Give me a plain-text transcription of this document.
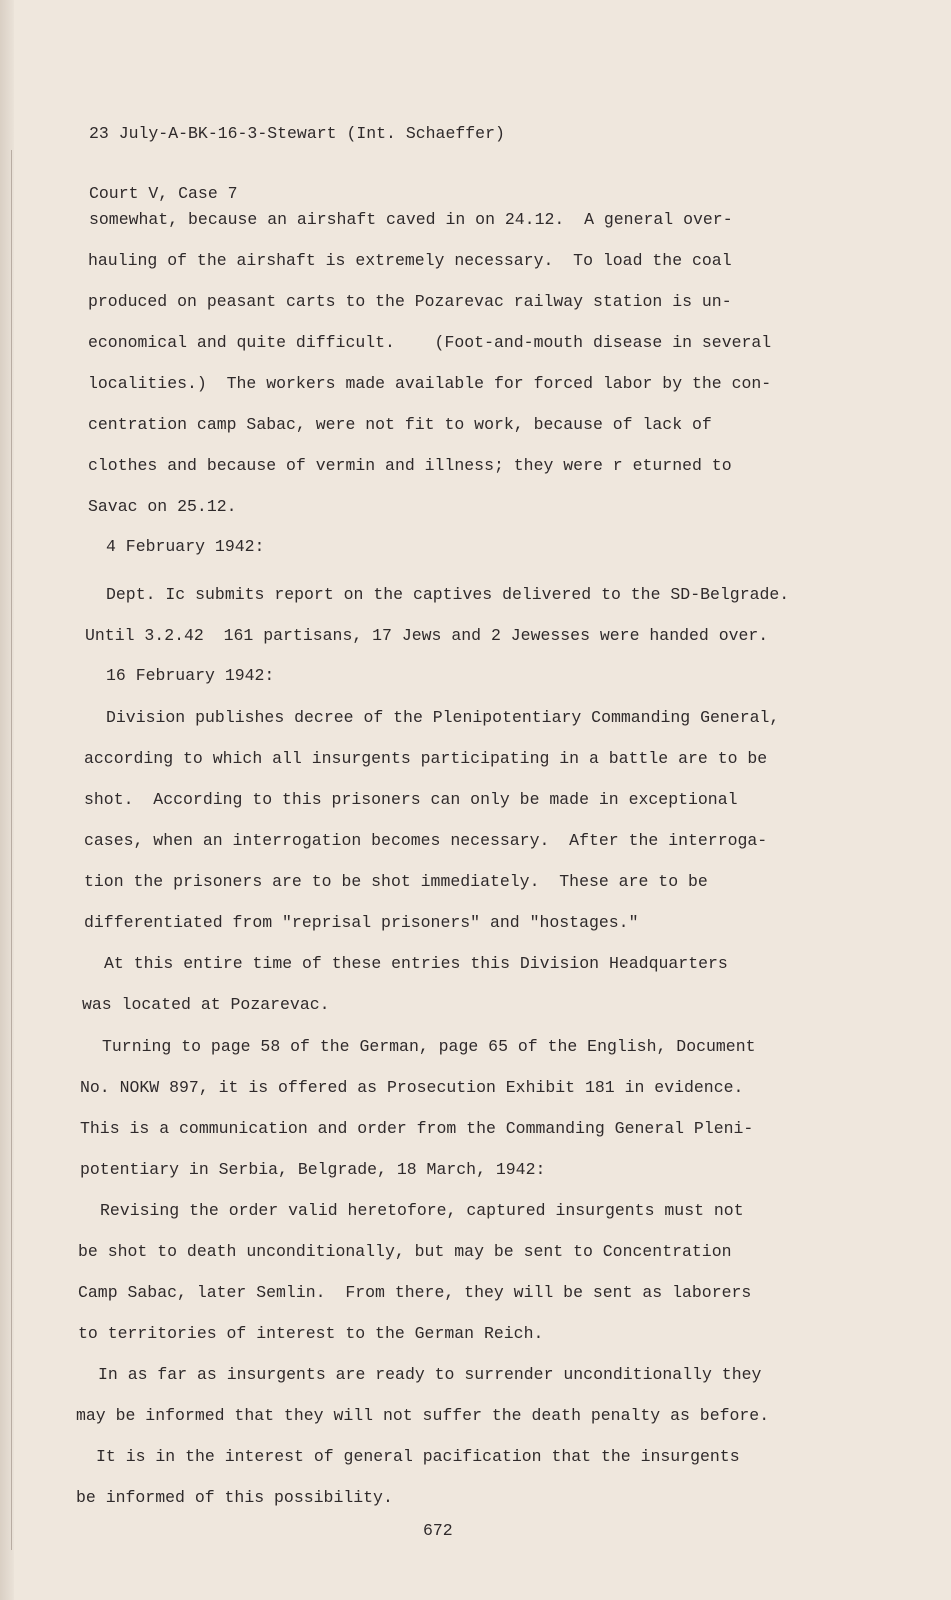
23 July-A-BK-16-3-Stewart (Int. Schaeffer)

Court V, Case 7

somewhat, because an airshaft caved in on 24.12.  A general over-
hauling of the airshaft is extremely necessary.  To load the coal
produced on peasant carts to the Pozarevac railway station is un-
economical and quite difficult.    (Foot-and-mouth disease in several
localities.)  The workers made available for forced labor by the con-
centration camp Sabac, were not fit to work, because of lack of
clothes and because of vermin and illness; they were r eturned to
Savac on 25.12.
4 February 1942:
Dept. Ic submits report on the captives delivered to the SD-Belgrade.
Until 3.2.42  161 partisans, 17 Jews and 2 Jewesses were handed over.
16 February 1942:
Division publishes decree of the Plenipotentiary Commanding General,
according to which all insurgents participating in a battle are to be
shot.  According to this prisoners can only be made in exceptional
cases, when an interrogation becomes necessary.  After the interroga-
tion the prisoners are to be shot immediately.  These are to be
differentiated from "reprisal prisoners" and "hostages."
At this entire time of these entries this Division Headquarters
was located at Pozarevac.
Turning to page 58 of the German, page 65 of the English, Document
No. NOKW 897, it is offered as Prosecution Exhibit 181 in evidence.
This is a communication and order from the Commanding General Pleni-
potentiary in Serbia, Belgrade, 18 March, 1942:
Revising the order valid heretofore, captured insurgents must not
be shot to death unconditionally, but may be sent to Concentration
Camp Sabac, later Semlin.  From there, they will be sent as laborers
to territories of interest to the German Reich.
In as far as insurgents are ready to surrender unconditionally they
may be informed that they will not suffer the death penalty as before.
It is in the interest of general pacification that the insurgents
be informed of this possibility.
672
